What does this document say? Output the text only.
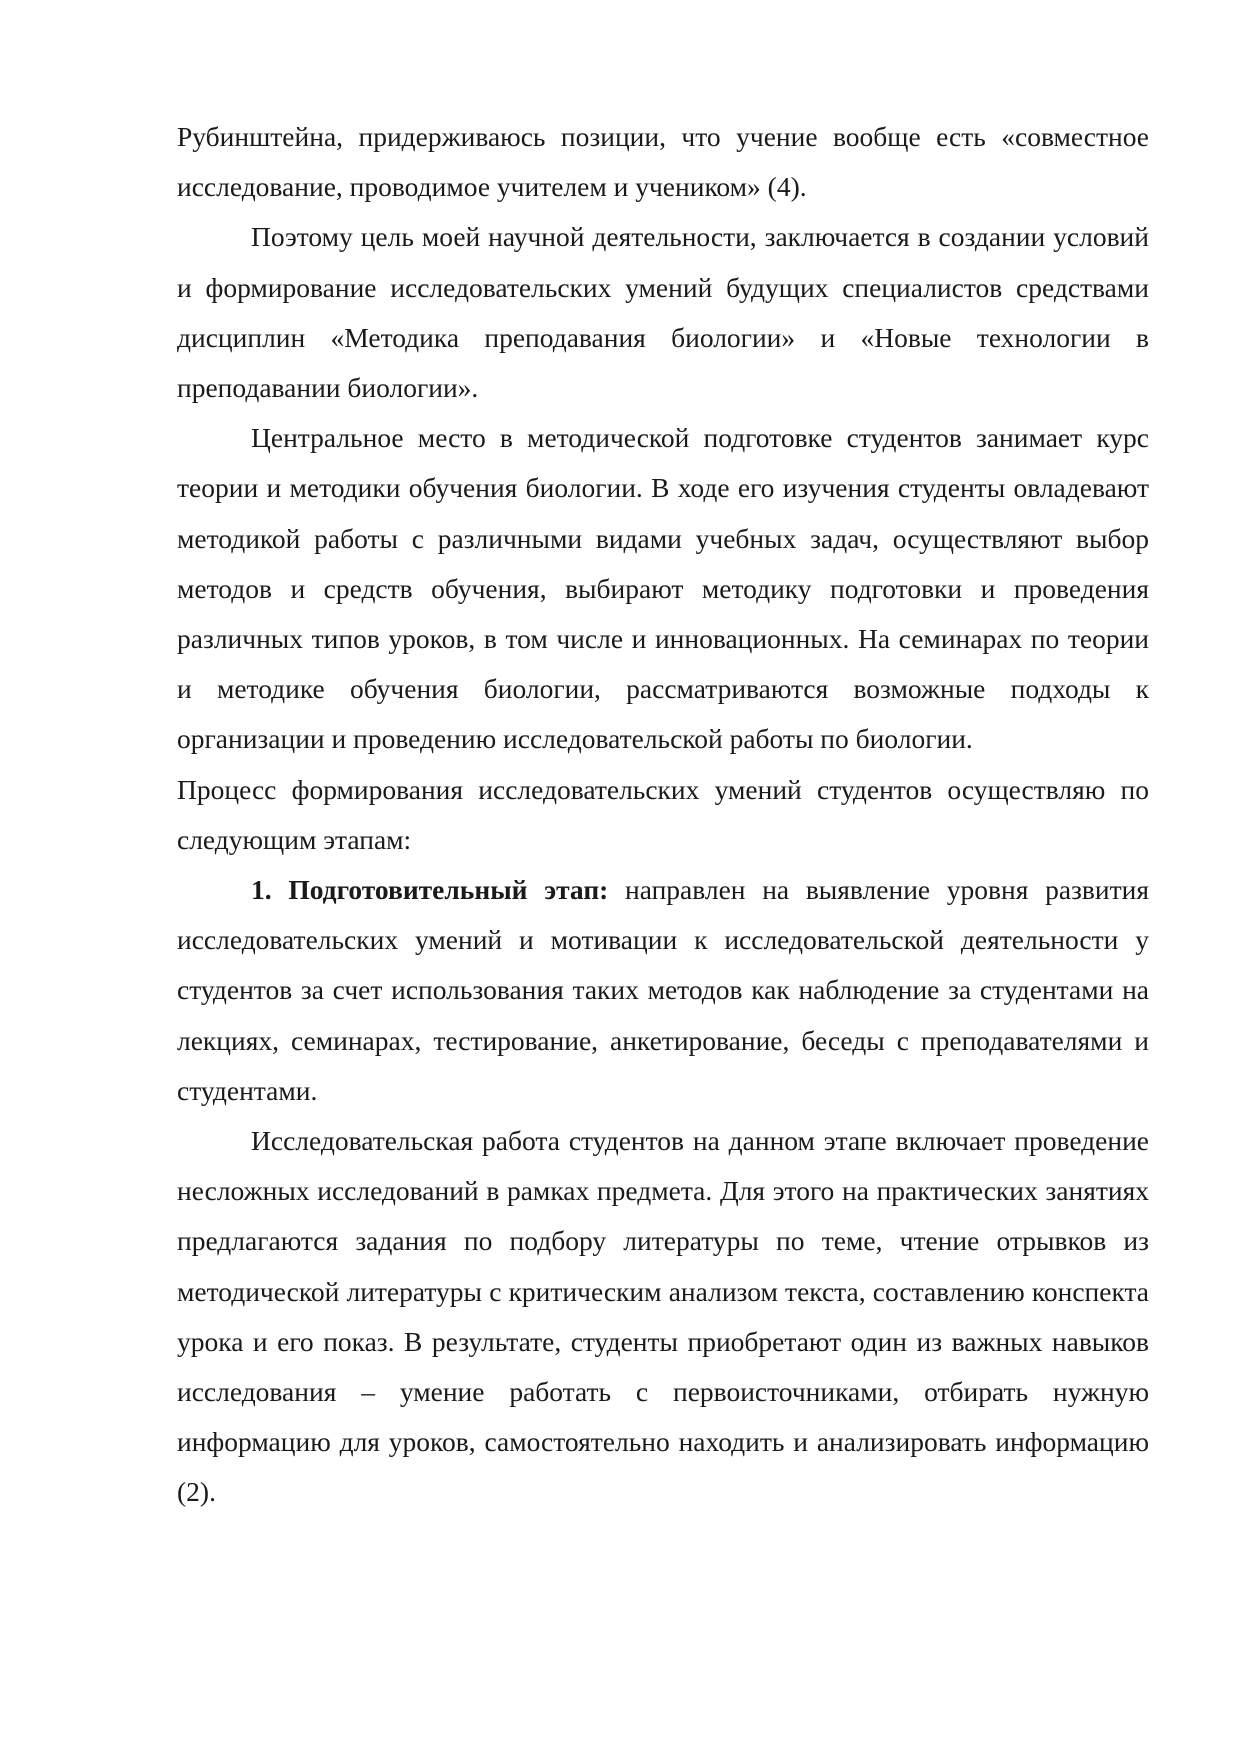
Рубинштейна, придерживаюсь позиции, что учение вообще есть «совместное исследование, проводимое учителем и учеником» (4).

Поэтому цель моей научной деятельности, заключается в создании условий и формирование исследовательских умений будущих специалистов средствами дисциплин «Методика преподавания биологии» и «Новые технологии в преподавании биологии».

Центральное место в методической подготовке студентов занимает курс теории и методики обучения биологии. В ходе его изучения студенты овладевают методикой работы с различными видами учебных задач, осуществляют выбор методов и средств обучения, выбирают методику подготовки и проведения различных типов уроков, в том числе и инновационных. На семинарах по теории и методике обучения биологии, рассматриваются возможные подходы к организации и проведению исследовательской работы по биологии.

Процесс формирования исследовательских умений студентов осуществляю по следующим этапам:

1. Подготовительный этап: направлен на выявление уровня развития исследовательских умений и мотивации к исследовательской деятельности у студентов за счет использования таких методов как наблюдение за студентами на лекциях, семинарах, тестирование, анкетирование, беседы с преподавателями и студентами.

Исследовательская работа студентов на данном этапе включает проведение несложных исследований в рамках предмета. Для этого на практических занятиях предлагаются задания по подбору литературы по теме, чтение отрывков из методической литературы с критическим анализом текста, составлению конспекта урока и его показ. В результате, студенты приобретают один из важных навыков исследования – умение работать с первоисточниками, отбирать нужную информацию для уроков, самостоятельно находить и анализировать информацию (2).
